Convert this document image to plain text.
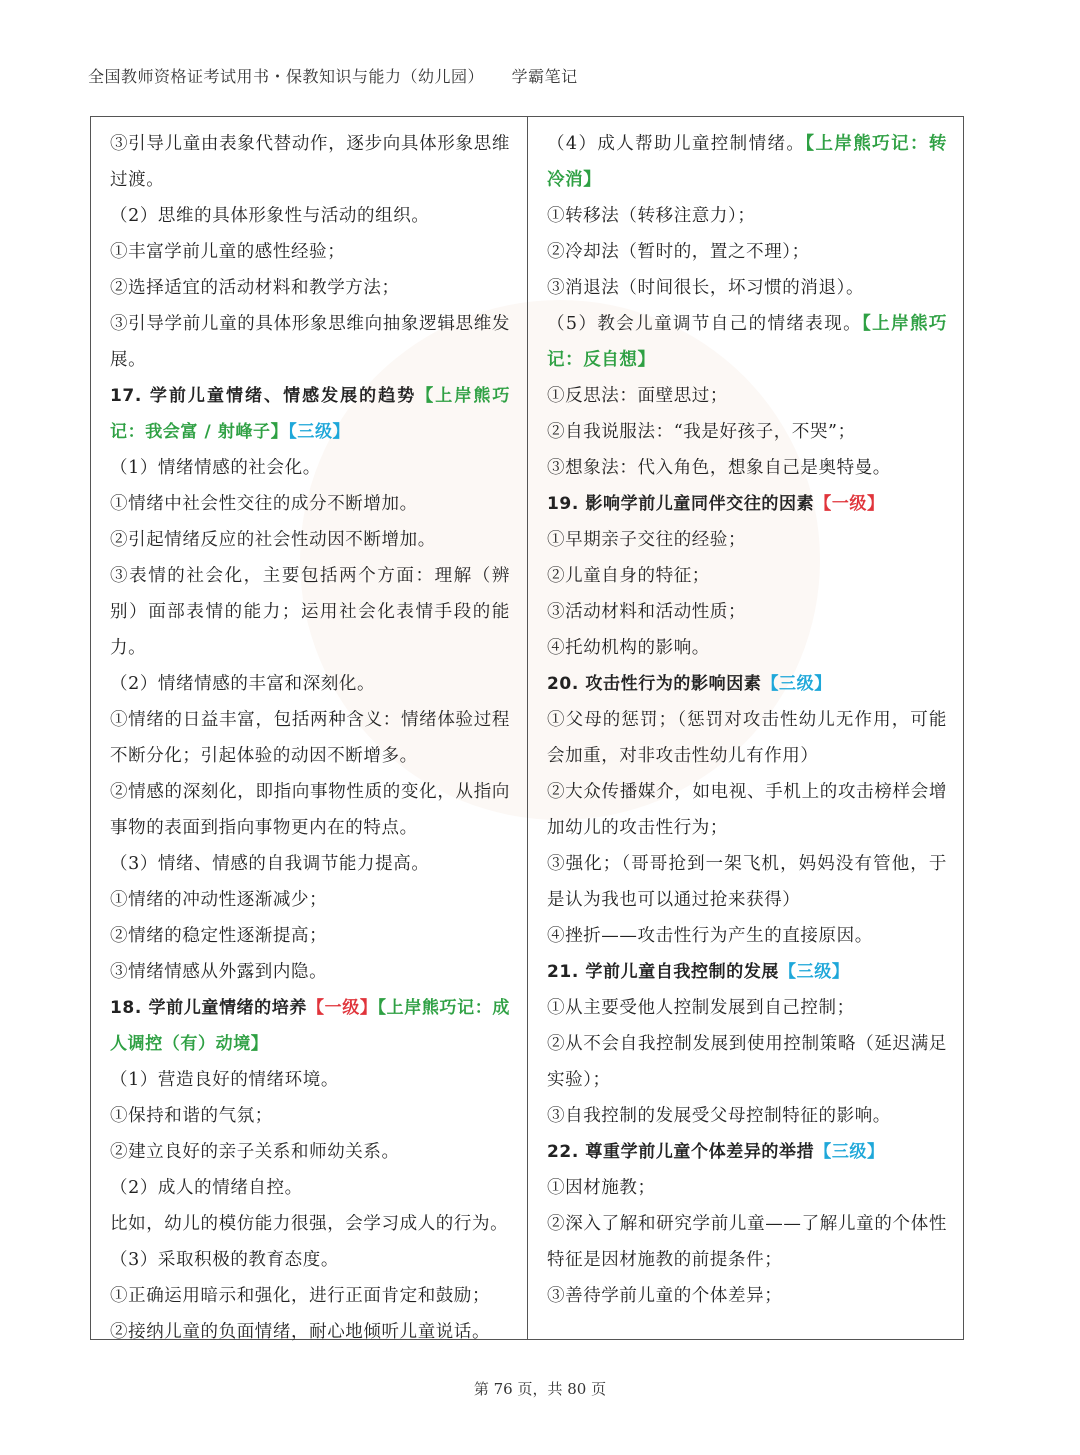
全国教师资格证考试用书・保教知识与能力（幼儿园） 学霸笔记

③引导儿童由表象代替动作，逐步向具体形象思维过渡。

（2）思维的具体形象性与活动的组织。

①丰富学前儿童的感性经验；

②选择适宜的活动材料和教学方法；

③引导学前儿童的具体形象思维向抽象逻辑思维发展。

17. 学前儿童情绪、情感发展的趋势【上岸熊巧记：我会富 / 射峰子】【三级】

（1）情绪情感的社会化。

①情绪中社会性交往的成分不断增加。

②引起情绪反应的社会性动因不断增加。

③表情的社会化，主要包括两个方面：理解（辨别）面部表情的能力；运用社会化表情手段的能力。

（2）情绪情感的丰富和深刻化。

①情绪的日益丰富，包括两种含义：情绪体验过程不断分化；引起体验的动因不断增多。

②情感的深刻化，即指向事物性质的变化，从指向事物的表面到指向事物更内在的特点。

（3）情绪、情感的自我调节能力提高。

①情绪的冲动性逐渐减少；

②情绪的稳定性逐渐提高；

③情绪情感从外露到内隐。

18. 学前儿童情绪的培养【一级】【上岸熊巧记：成人调控（有）动境】

（1）营造良好的情绪环境。

①保持和谐的气氛；

②建立良好的亲子关系和师幼关系。

（2）成人的情绪自控。

比如，幼儿的模仿能力很强，会学习成人的行为。

（3）采取积极的教育态度。

①正确运用暗示和强化，进行正面肯定和鼓励；

②接纳儿童的负面情绪，耐心地倾听儿童说话。

（4）成人帮助儿童控制情绪。【上岸熊巧记：转冷消】

①转移法（转移注意力）；

②冷却法（暂时的，置之不理）；

③消退法（时间很长，坏习惯的消退）。

（5）教会儿童调节自己的情绪表现。【上岸熊巧记：反自想】

①反思法：面壁思过；

②自我说服法：“我是好孩子，不哭”；

③想象法：代入角色，想象自己是奥特曼。

19. 影响学前儿童同伴交往的因素【一级】

①早期亲子交往的经验；

②儿童自身的特征；

③活动材料和活动性质；

④托幼机构的影响。

20. 攻击性行为的影响因素【三级】

①父母的惩罚；（惩罚对攻击性幼儿无作用，可能会加重，对非攻击性幼儿有作用）

②大众传播媒介，如电视、手机上的攻击榜样会增加幼儿的攻击性行为；

③强化；（哥哥抢到一架飞机，妈妈没有管他，于是认为我也可以通过抢来获得）

④挫折——攻击性行为产生的直接原因。

21. 学前儿童自我控制的发展【三级】

①从主要受他人控制发展到自己控制；

②从不会自我控制发展到使用控制策略（延迟满足实验）；

③自我控制的发展受父母控制特征的影响。

22. 尊重学前儿童个体差异的举措【三级】

①因材施教；

②深入了解和研究学前儿童——了解儿童的个体性特征是因材施教的前提条件；

③善待学前儿童的个体差异；

第 76 页，共 80 页
